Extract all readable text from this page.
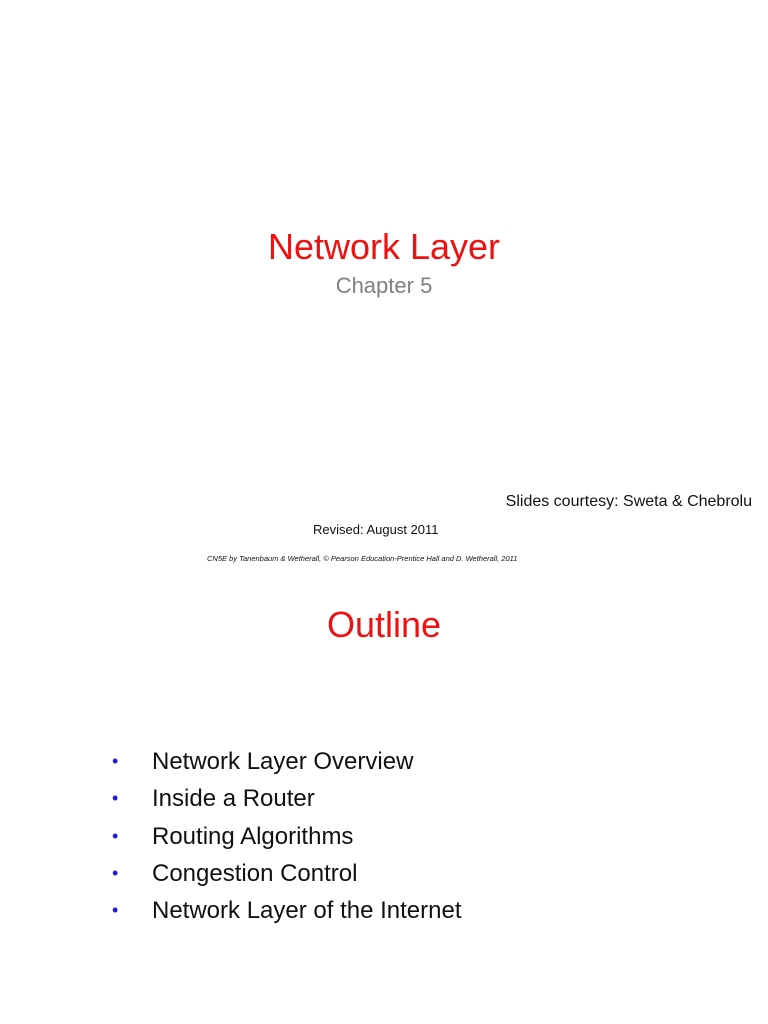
Network Layer
Chapter 5
Slides courtesy: Sweta & Chebrolu
Revised: August 2011
CN5E by Tanenbaum & Wetherall, © Pearson Education-Prentice Hall and D. Wetherall, 2011
Outline
• Network Layer Overview
• Inside a Router
• Routing Algorithms
• Congestion Control
• Network Layer of the Internet
